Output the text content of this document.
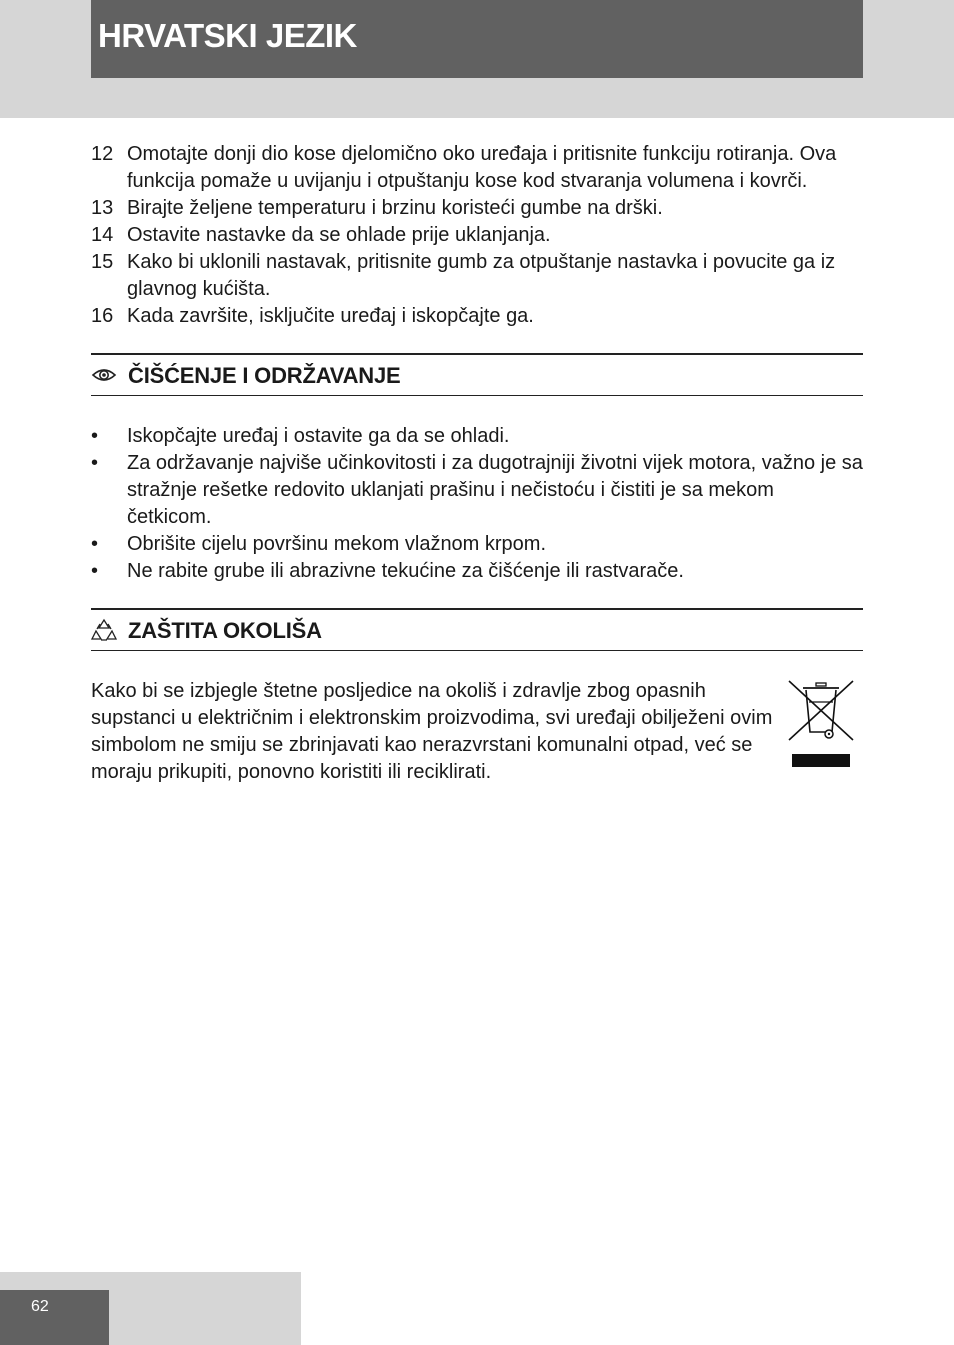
HRVATSKI JEZIK
12 Omotajte donji dio kose djelomično oko uređaja i pritisnite funkciju rotiranja. Ova funkcija pomaže u uvijanju i otpuštanju kose kod stvaranja volumena i kovrči.
13 Birajte željene temperaturu i brzinu koristeći gumbe na drški.
14 Ostavite nastavke da se ohlade prije uklanjanja.
15 Kako bi uklonili nastavak, pritisnite gumb za otpuštanje nastavka i povucite ga iz glavnog kućišta.
16 Kada završite, isključite uređaj i iskopčajte ga.
ČIŠĆENJE I ODRŽAVANJE
• Iskopčajte uređaj i ostavite ga da se ohladi.
• Za održavanje najviše učinkovitosti i za dugotrajniji životni vijek motora, važno je sa stražnje rešetke redovito uklanjati prašinu i nečistoću i čistiti je sa mekom četkicom.
• Obrišite cijelu površinu mekom vlažnom krpom.
• Ne rabite grube ili abrazivne tekućine za čišćenje ili rastvarače.
ZAŠTITA OKOLIŠA

Kako bi se izbjegle štetne posljedice na okoliš i zdravlje zbog opasnih supstanci u električnim i elektronskim proizvodima, svi uređaji obilježeni ovim simbolom ne smiju se zbrinjavati kao nerazvrstani komunalni otpad, već se moraju prikupiti, ponovno koristiti ili reciklirati.

62
